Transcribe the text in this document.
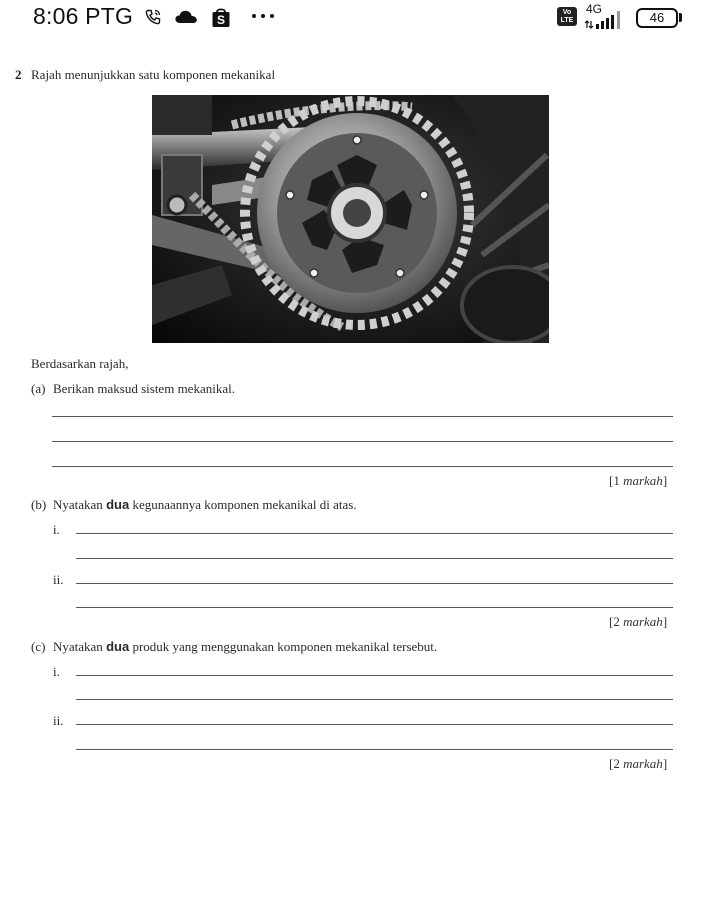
8:06 PTG	S
Vo
LTE
4G
46
2 Rajah menunjukkan satu komponen mekanikal
Berdasarkan rajah,
(a) Berikan maksud sistem mekanikal.
[1 markah]
(b) Nyatakan dua kegunaannya komponen mekanikal di atas.
i.
ii.
[2 markah]
(c) Nyatakan dua produk yang menggunakan komponen mekanikal tersebut.
i.
ii.
[2 markah]
